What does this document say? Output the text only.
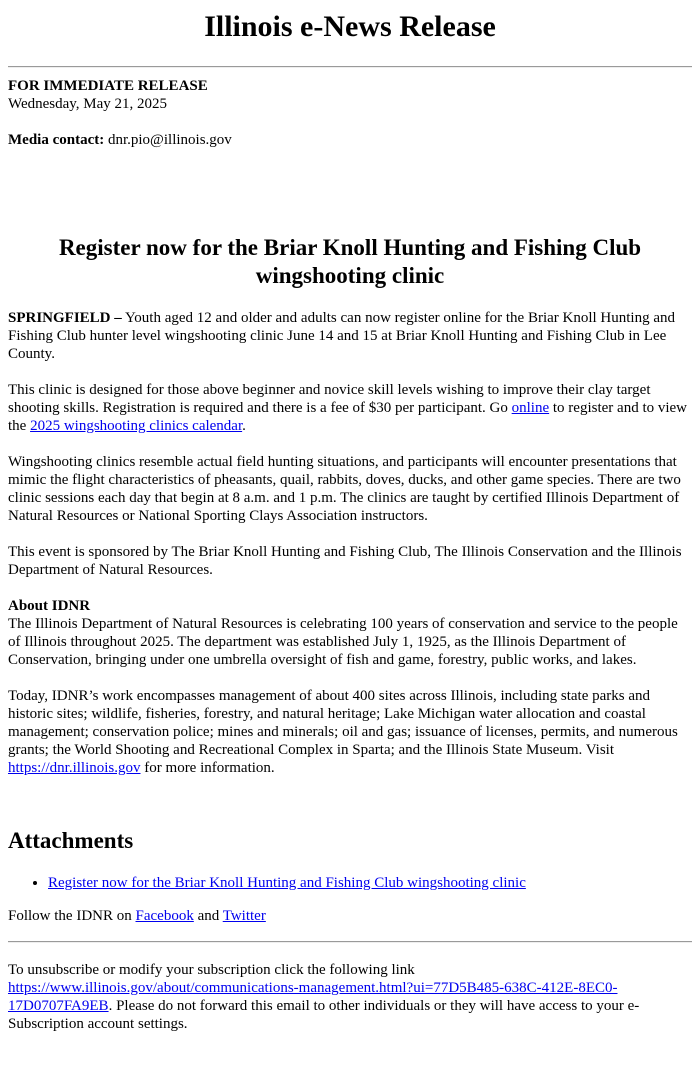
Illinois e-News Release
FOR IMMEDIATE RELEASE
Wednesday, May 21, 2025
Media contact: dnr.pio@illinois.gov
Register now for the Briar Knoll Hunting and Fishing Club wingshooting clinic

SPRINGFIELD – Youth aged 12 and older and adults can now register online for the Briar Knoll Hunting and Fishing Club hunter level wingshooting clinic June 14 and 15 at Briar Knoll Hunting and Fishing Club in Lee County.

This clinic is designed for those above beginner and novice skill levels wishing to improve their clay target shooting skills. Registration is required and there is a fee of $30 per participant. Go online to register and to view the 2025 wingshooting clinics calendar.

Wingshooting clinics resemble actual field hunting situations, and participants will encounter presentations that mimic the flight characteristics of pheasants, quail, rabbits, doves, ducks, and other game species. There are two clinic sessions each day that begin at 8 a.m. and 1 p.m. The clinics are taught by certified Illinois Department of Natural Resources or National Sporting Clays Association instructors.

This event is sponsored by The Briar Knoll Hunting and Fishing Club, The Illinois Conservation and the Illinois Department of Natural Resources.

About IDNR

The Illinois Department of Natural Resources is celebrating 100 years of conservation and service to the people of Illinois throughout 2025. The department was established July 1, 1925, as the Illinois Department of Conservation, bringing under one umbrella oversight of fish and game, forestry, public works, and lakes.

Today, IDNR’s work encompasses management of about 400 sites across Illinois, including state parks and historic sites; wildlife, fisheries, forestry, and natural heritage; Lake Michigan water allocation and coastal management; conservation police; mines and minerals; oil and gas; issuance of licenses, permits, and numerous grants; the World Shooting and Recreational Complex in Sparta; and the Illinois State Museum. Visit https://dnr.illinois.gov for more information.

Attachments
• Register now for the Briar Knoll Hunting and Fishing Club wingshooting clinic
Follow the IDNR on Facebook and Twitter
To unsubscribe or modify your subscription click the following link https://www.illinois.gov/about/communications-management.html?ui=77D5B485-638C-412E-8EC0-17D0707FA9EB. Please do not forward this email to other individuals or they will have access to your e-Subscription account settings.
